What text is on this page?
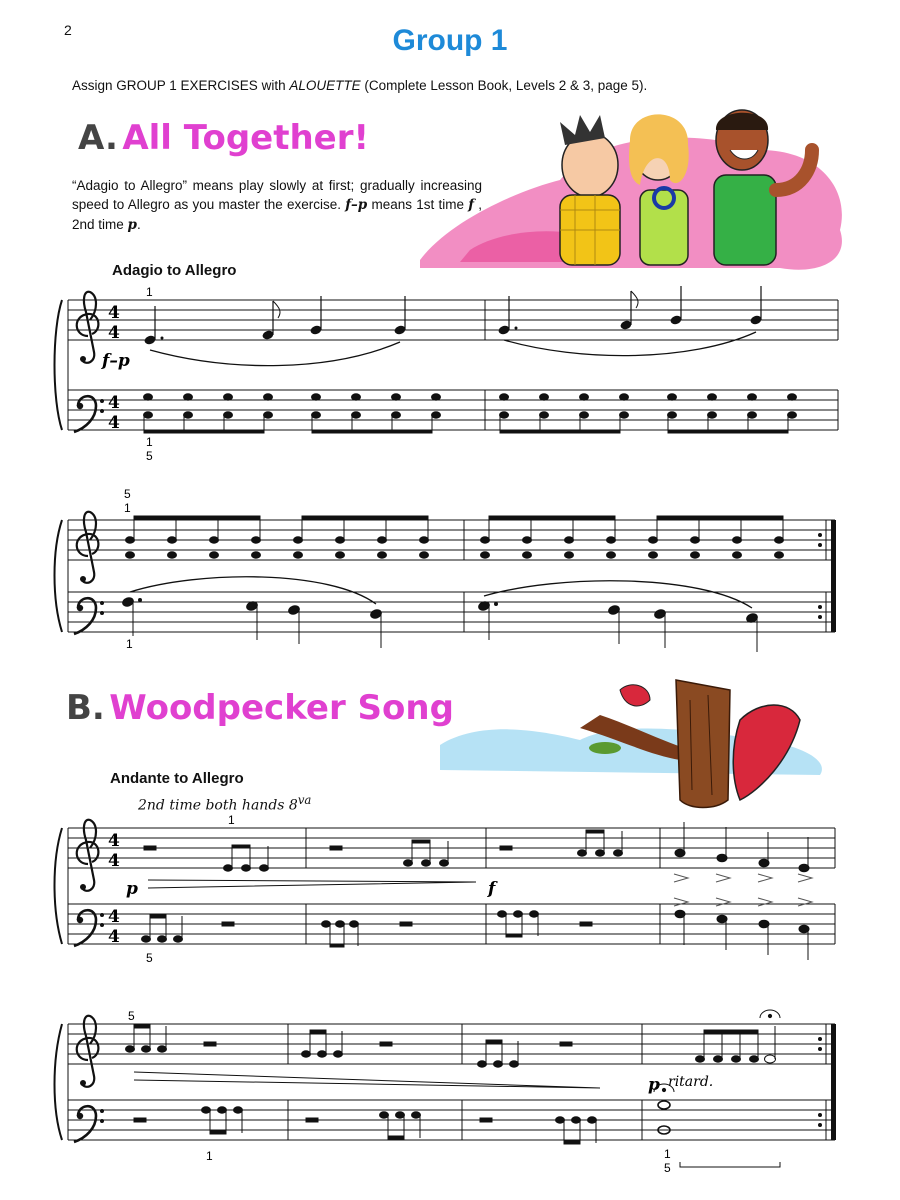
2	Group 1
Assign GROUP 1 EXERCISES with ALOUETTE (Complete Lesson Book, Levels 2 & 3, page 5).
A. All Together!
“Adagio to Allegro” means play slowly at first; gradually increasing speed to Allegro as you master the exercise. f–p means 1st time f , 2nd time p.
Adagio to Allegro
B. Woodpecker Song
Andante to Allegro
2nd time both hands $8^{va}$
4
4
4
4
1
f–p
1
5
5
1
1
4
4
4
4
1
p	f
5
5
p ritard.
1	1
5
